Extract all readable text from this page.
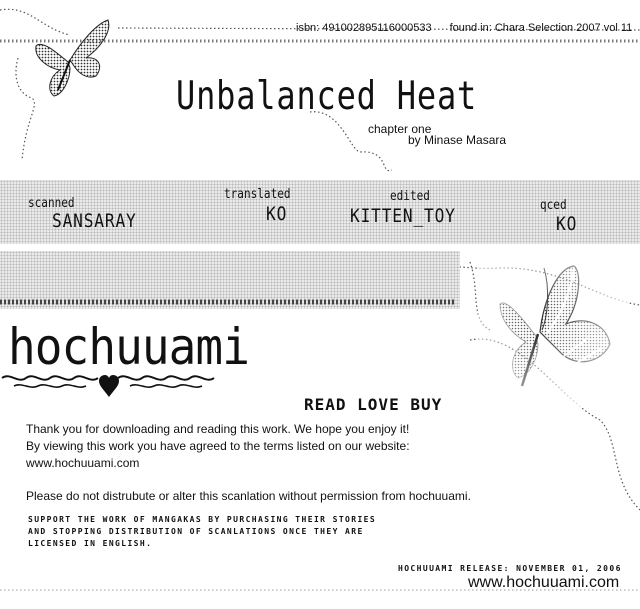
isbn: 491002895116000533 found in: Chara Selection 2007 vol 11
Unbalanced Heat
chapter one
by Minase Masara
scanned
SANSARAY
translated
KO
edited
KITTEN_TOY	qced
KO
hochuuami
READ LOVE BUY
Thank you for downloading and reading this work. We hope you enjoy it!
By viewing this work you have agreed to the terms listed on our website:
www.hochuuami.com
Please do not distrubute or alter this scanlation without permission from hochuuami.
SUPPORT THE WORK OF MANGAKAS BY PURCHASING THEIR STORIES
AND STOPPING DISTRIBUTION OF SCANLATIONS ONCE THEY ARE
LICENSED IN ENGLISH.
HOCHUUAMI RELEASE: NOVEMBER 01, 2006
www.hochuuami.com
